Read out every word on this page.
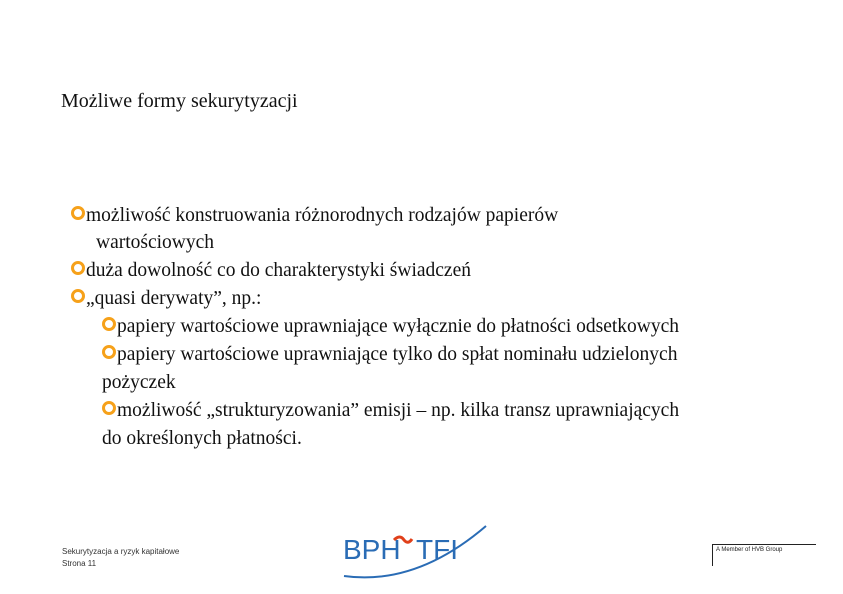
Możliwe formy sekurytyzacji
możliwość konstruowania różnorodnych rodzajów papierów
wartościowych
duża dowolność co do charakterystyki świadczeń
„quasi derywaty”, np.:
papiery wartościowe uprawniające wyłącznie do płatności odsetkowych
papiery wartościowe uprawniające tylko do spłat nominału udzielonych
pożyczek
możliwość „strukturyzowania” emisji – np. kilka transz uprawniających
do określonych płatności.
Sekurytyzacja a ryzyk kapitałowe
Strona 11	BPH TFI	A Member of HVB Group
